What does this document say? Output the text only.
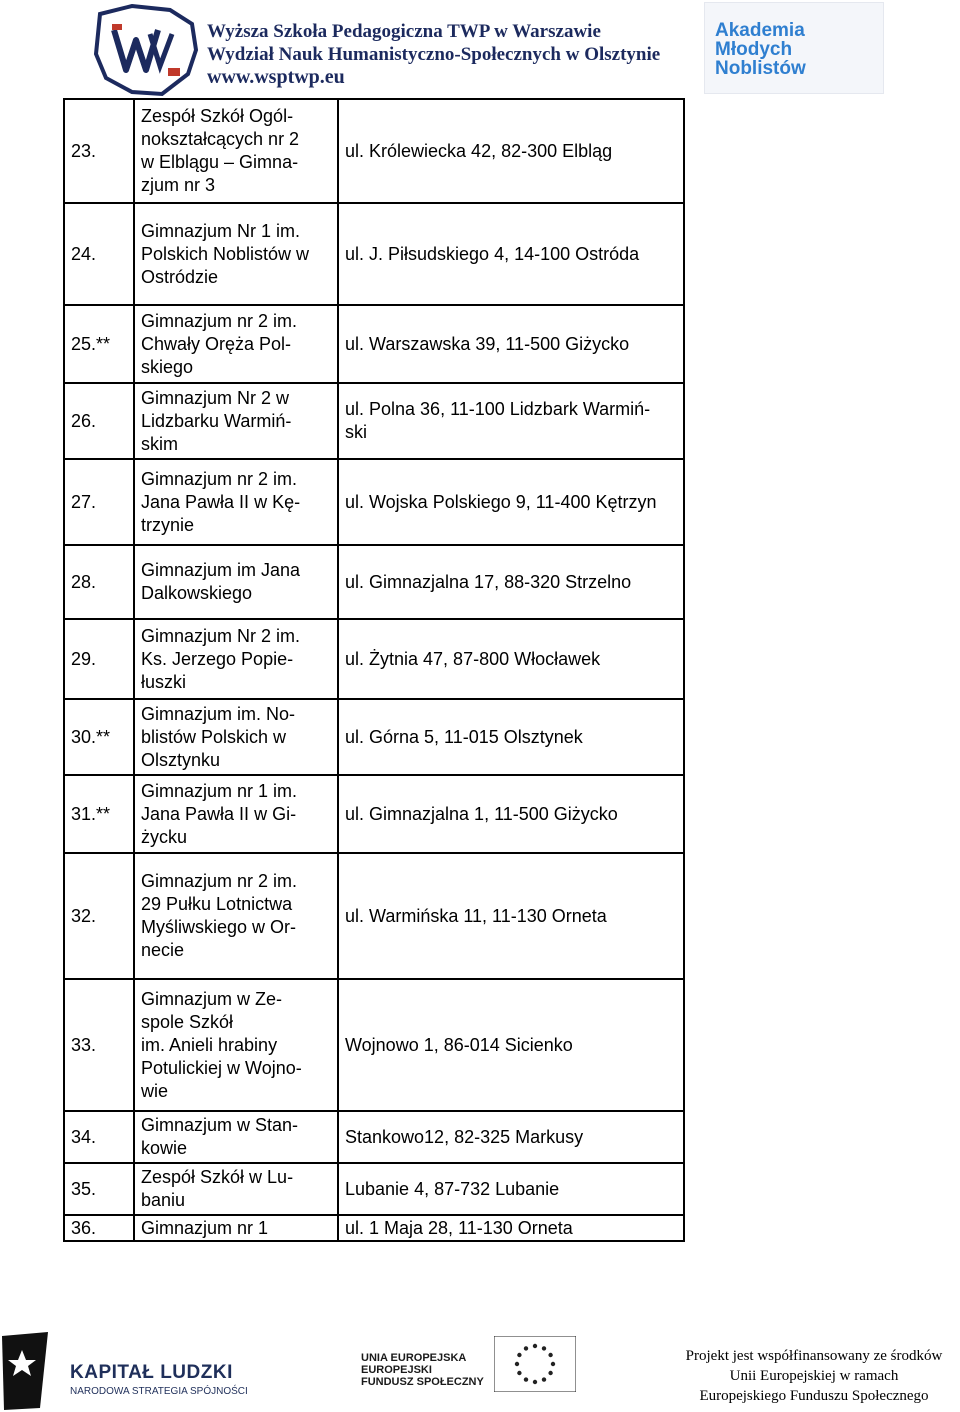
Wyższa Szkoła Pedagogiczna TWP w Warszawie
Wydział Nauk Humanistyczno-Społecznych w Olsztynie
www.wsptwp.eu
Akademia
Młodych
Noblistów
23.	Zespół Szkół Ogól-
nokształcących nr 2
w Elblągu – Gimna-
zjum nr 3	ul. Królewiecka 42, 82-300 Elbląg

24.	Gimnazjum Nr 1 im.
Polskich Noblistów w
Ostródzie	ul. J. Piłsudskiego 4, 14-100 Ostróda

25.**	Gimnazjum nr 2 im.
Chwały Oręża Pol-
skiego	ul. Warszawska 39, 11-500 Giżycko

26.	Gimnazjum Nr 2 w
Lidzbarku Warmiń-
skim	ul. Polna 36, 11-100 Lidzbark Warmiń-
ski

27.	Gimnazjum nr 2 im.
Jana Pawła II w Kę-
trzynie	ul. Wojska Polskiego 9, 11-400 Kętrzyn

28.	Gimnazjum im Jana
Dalkowskiego	ul. Gimnazjalna 17, 88-320 Strzelno

29.	Gimnazjum Nr 2 im.
Ks. Jerzego Popie-
łuszki	ul. Żytnia 47, 87-800 Włocławek

30.**	Gimnazjum im. No-
blistów Polskich w
Olsztynku	ul. Górna 5, 11-015 Olsztynek

31.**	Gimnazjum nr 1 im.
Jana Pawła II w Gi-
życku	ul. Gimnazjalna 1, 11-500 Giżycko

32.	Gimnazjum nr 2 im.
29 Pułku Lotnictwa
Myśliwskiego w Or-
necie	ul. Warmińska 11, 11-130 Orneta

33.	Gimnazjum w Ze-
spole Szkół
im. Anieli hrabiny
Potulickiej w Wojno-
wie	Wojnowo 1, 86-014 Sicienko

34.	Gimnazjum w Stan-
kowie	Stankowo12, 82-325 Markusy

35.	Zespół Szkół w Lu-
baniu	Lubanie 4, 87-732 Lubanie

36.	Gimnazjum nr 1	ul. 1 Maja 28, 11-130 Orneta
KAPITAŁ LUDZKI
NARODOWA STRATEGIA SPÓJNOŚCI
UNIA EUROPEJSKA
EUROPEJSKI
FUNDUSZ SPOŁECZNY
Projekt jest współfinansowany ze środków
Unii Europejskiej w ramach
Europejskiego Funduszu Społecznego
